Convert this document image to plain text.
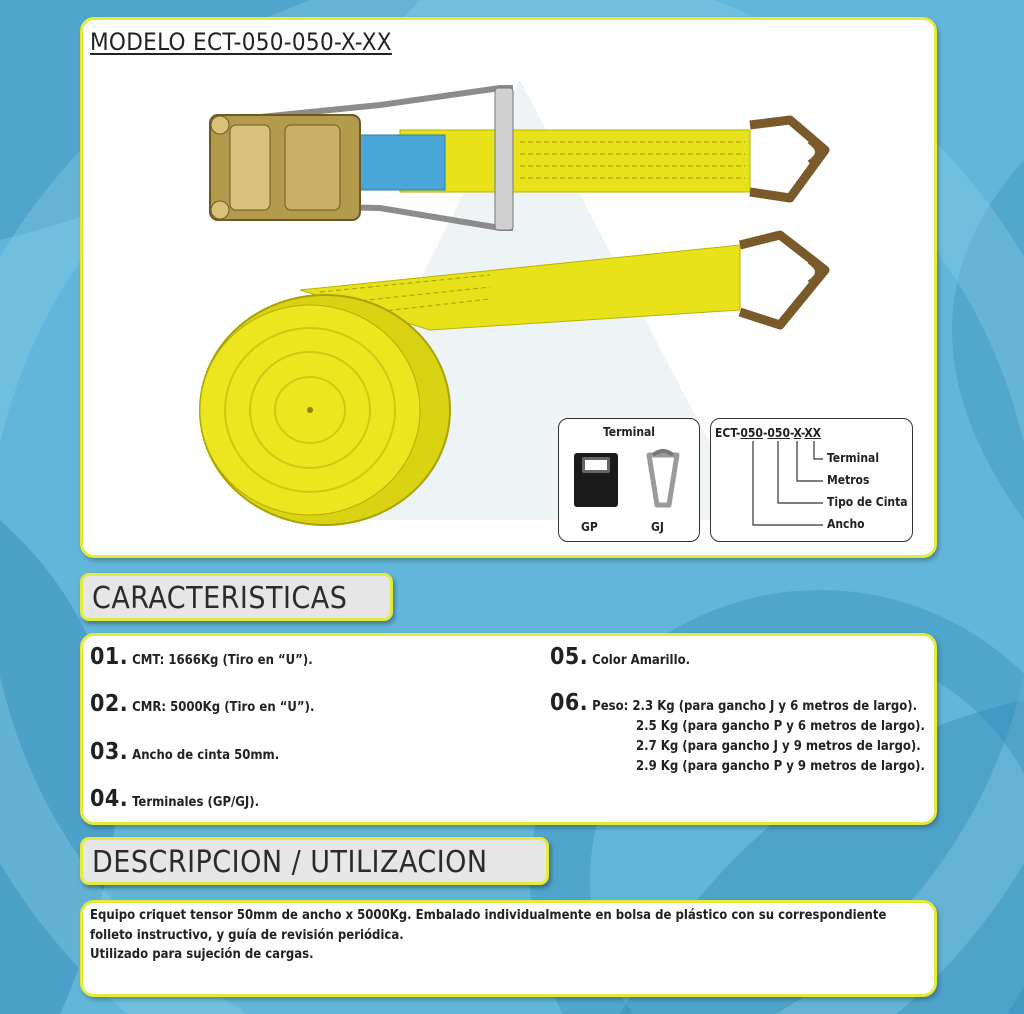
MODELO ECT-050-050-X-XX
Terminal
GP	GJ
ECT-050-050-X-XX
Terminal
Metros
Tipo de Cinta
Ancho
CARACTERISTICAS
01. CMT: 1666Kg (Tiro en “U”).
02. CMR: 5000Kg (Tiro en “U”).
03. Ancho de cinta 50mm.
04. Terminales (GP/GJ).
05. Color Amarillo.
06. Peso: 2.3 Kg (para gancho J y 6 metros de largo).
2.5 Kg (para gancho P y 6 metros de largo).
2.7 Kg (para gancho J y 9 metros de largo).
2.9 Kg (para gancho P y 9 metros de largo).
DESCRIPCION / UTILIZACION
Equipo criquet tensor 50mm de ancho x 5000Kg. Embalado individualmente en bolsa de plástico con su correspondiente
folleto instructivo, y guía de revisión periódica.
Utilizado para sujeción de cargas.
